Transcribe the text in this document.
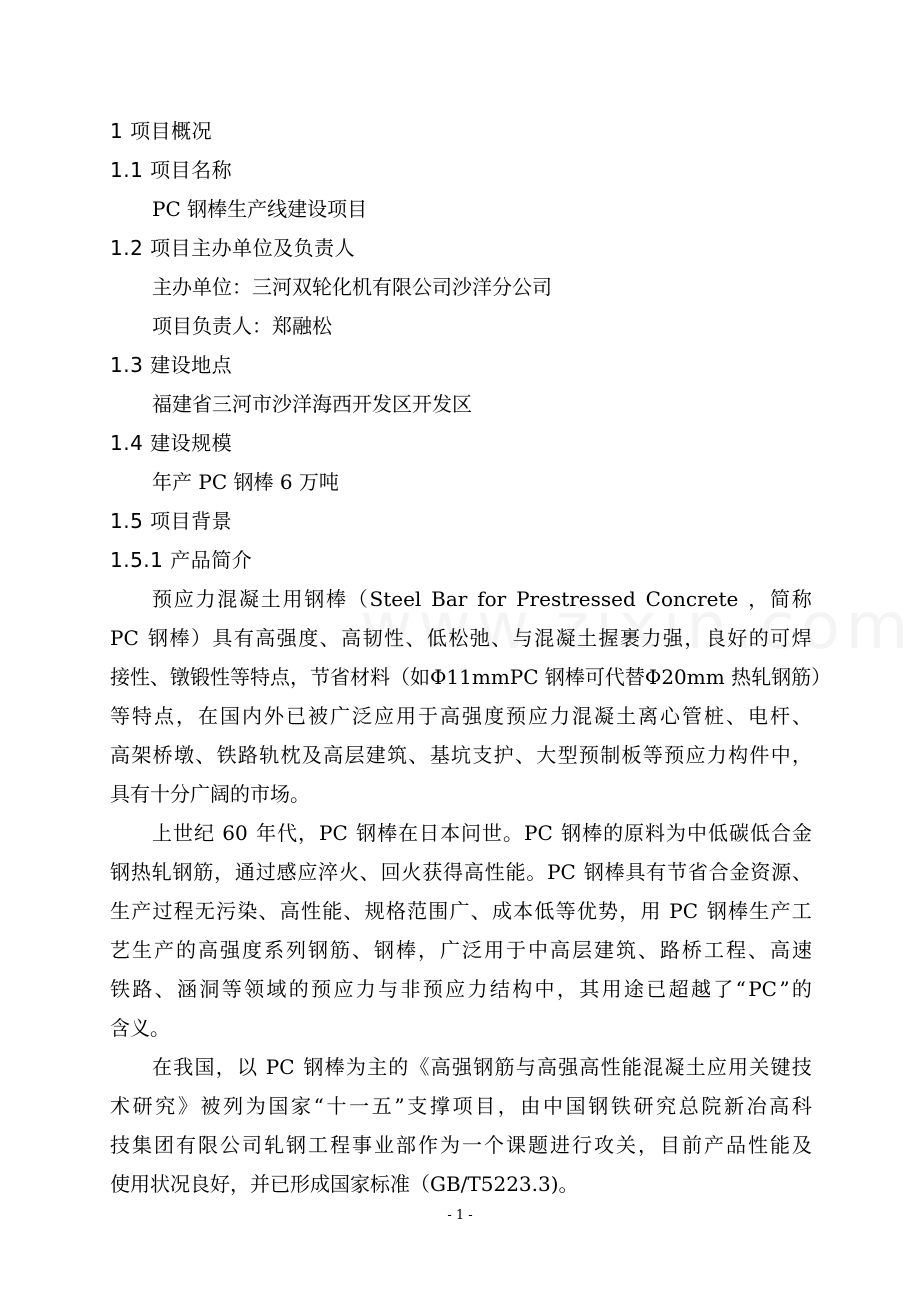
1 项目概况
1.1 项目名称
PC 钢棒生产线建设项目
1.2 项目主办单位及负责人
主办单位：三河双轮化机有限公司沙洋分公司
项目负责人：郑融松
1.3 建设地点
福建省三河市沙洋海西开发区开发区
1.4 建设规模
年产 PC 钢棒 6 万吨
1.5 项目背景
1.5.1 产品简介
预 应 力 混 凝 土 用 钢 棒 （ Steel
Bar
for
Prestressed
Concrete
， 简 称
PC
钢 棒 ） 具 有 高 强 度 、 高 韧 性 、 低 松 弛 、 与 混 凝 土 握 裹 力 强 ， 良 好 的 可 焊
接 性 、 镦 锻 性 等 特 点 ， 节 省 材 料 （ 如 Φ 11mmPC
钢 棒 可 代 替 Φ 20mm
热 轧 钢 筋 ）
等 特 点 ， 在 国 内 外 已 被 广 泛 应 用 于 高 强 度 预 应 力 混 凝 土 离 心 管 桩 、 电 杆 、
高 架 桥 墩 、 铁 路 轨 枕 及 高 层 建 筑 、 基 坑 支 护 、 大 型 预 制 板 等 预 应 力 构 件 中 ，
具有十分广阔的市场。
上 世 纪
60
年 代 ， PC
钢 棒 在 日 本 问 世 。 PC
钢 棒 的 原 料 为 中 低 碳 低 合 金
钢 热 轧 钢 筋 ， 通 过 感 应 淬 火 、 回 火 获 得 高 性 能 。 PC
钢 棒 具 有 节 省 合 金 资 源 、
生 产 过 程 无 污 染 、 高 性 能 、 规 格 范 围 广 、 成 本 低 等 优 势 ， 用
PC
钢 棒 生 产 工
艺 生 产 的 高 强 度 系 列 钢 筋 、 钢 棒 ， 广 泛 用 于 中 高 层 建 筑 、 路 桥 工 程 、 高 速
铁 路 、 涵 洞 等 领 域 的 预 应 力 与 非 预 应 力 结 构 中 ， 其 用 途 已 超 越 了 “ PC ” 的
含义。
在 我 国 ， 以
PC
钢 棒 为 主 的 《 高 强 钢 筋 与 高 强 高 性 能 混 凝 土 应 用 关 键 技
术 研 究 》 被 列 为 国 家 “ 十 一 五 ” 支 撑 项 目 ， 由 中 国 钢 铁 研 究 总 院 新 冶 高 科
技 集 团 有 限 公 司 轧 钢 工 程 事 业 部 作 为 一 个 课 题 进 行 攻 关 ， 目 前 产 品 性 能 及
使用状况良好，并已形成国家标准（GB/T5223.3)。
- 1 -
